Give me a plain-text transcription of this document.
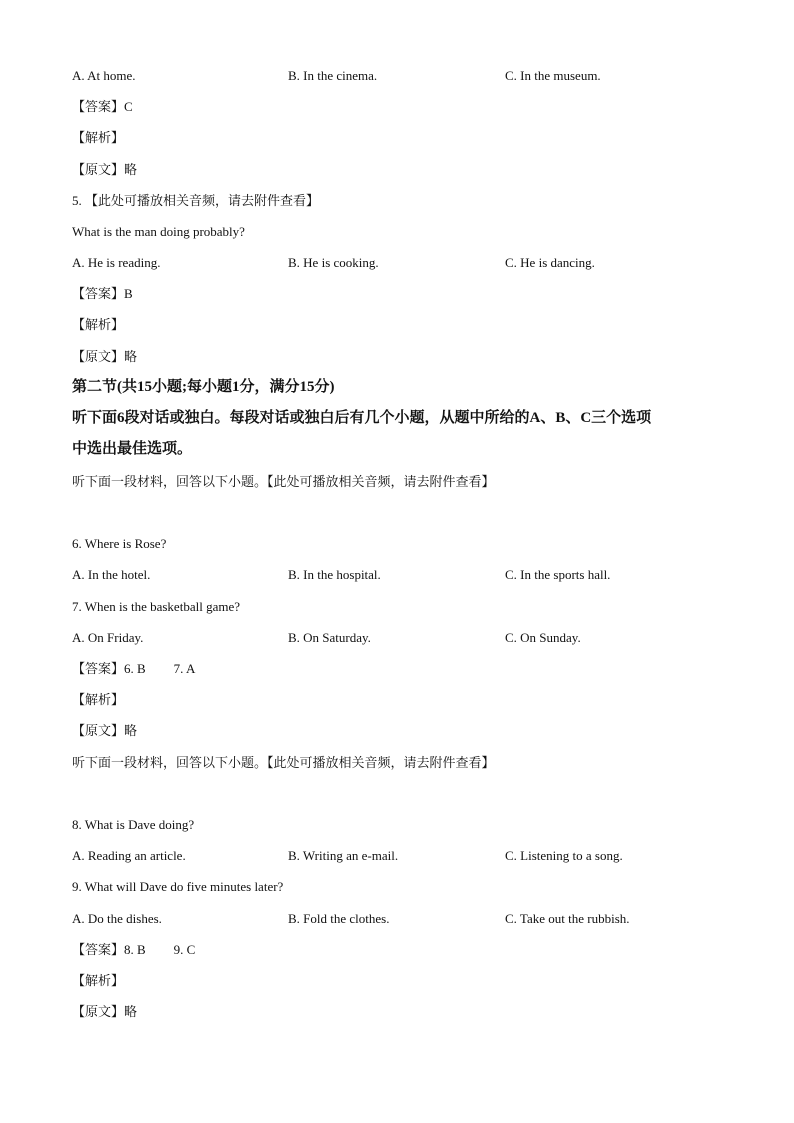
A. At home.	B. In the cinema.	C. In the museum.
【答案】C
【解析】
【原文】略
5. 【此处可播放相关音频，请去附件查看】
What is the man doing probably?
A. He is reading.	B. He is cooking.	C. He is dancing.
【答案】B
【解析】
【原文】略
第二节(共15小题;每小题1分，满分15分)
听下面6段对话或独白。每段对话或独白后有几个小题，从题中所给的A、B、C三个选项
中选出最佳选项。
听下面一段材料，回答以下小题。【此处可播放相关音频，请去附件查看】
6. Where is Rose?
A. In the hotel.	B. In the hospital.	C. In the sports hall.
7. When is the basketball game?
A. On Friday.	B. On Saturday.	C. On Sunday.
【答案】6. B 7. A
【解析】
【原文】略
听下面一段材料，回答以下小题。【此处可播放相关音频，请去附件查看】
8. What is Dave doing?
A. Reading an article.	B. Writing an e-mail.	C. Listening to a song.
9. What will Dave do five minutes later?
A. Do the dishes.	B. Fold the clothes.	C. Take out the rubbish.
【答案】8. B 9. C
【解析】
【原文】略
